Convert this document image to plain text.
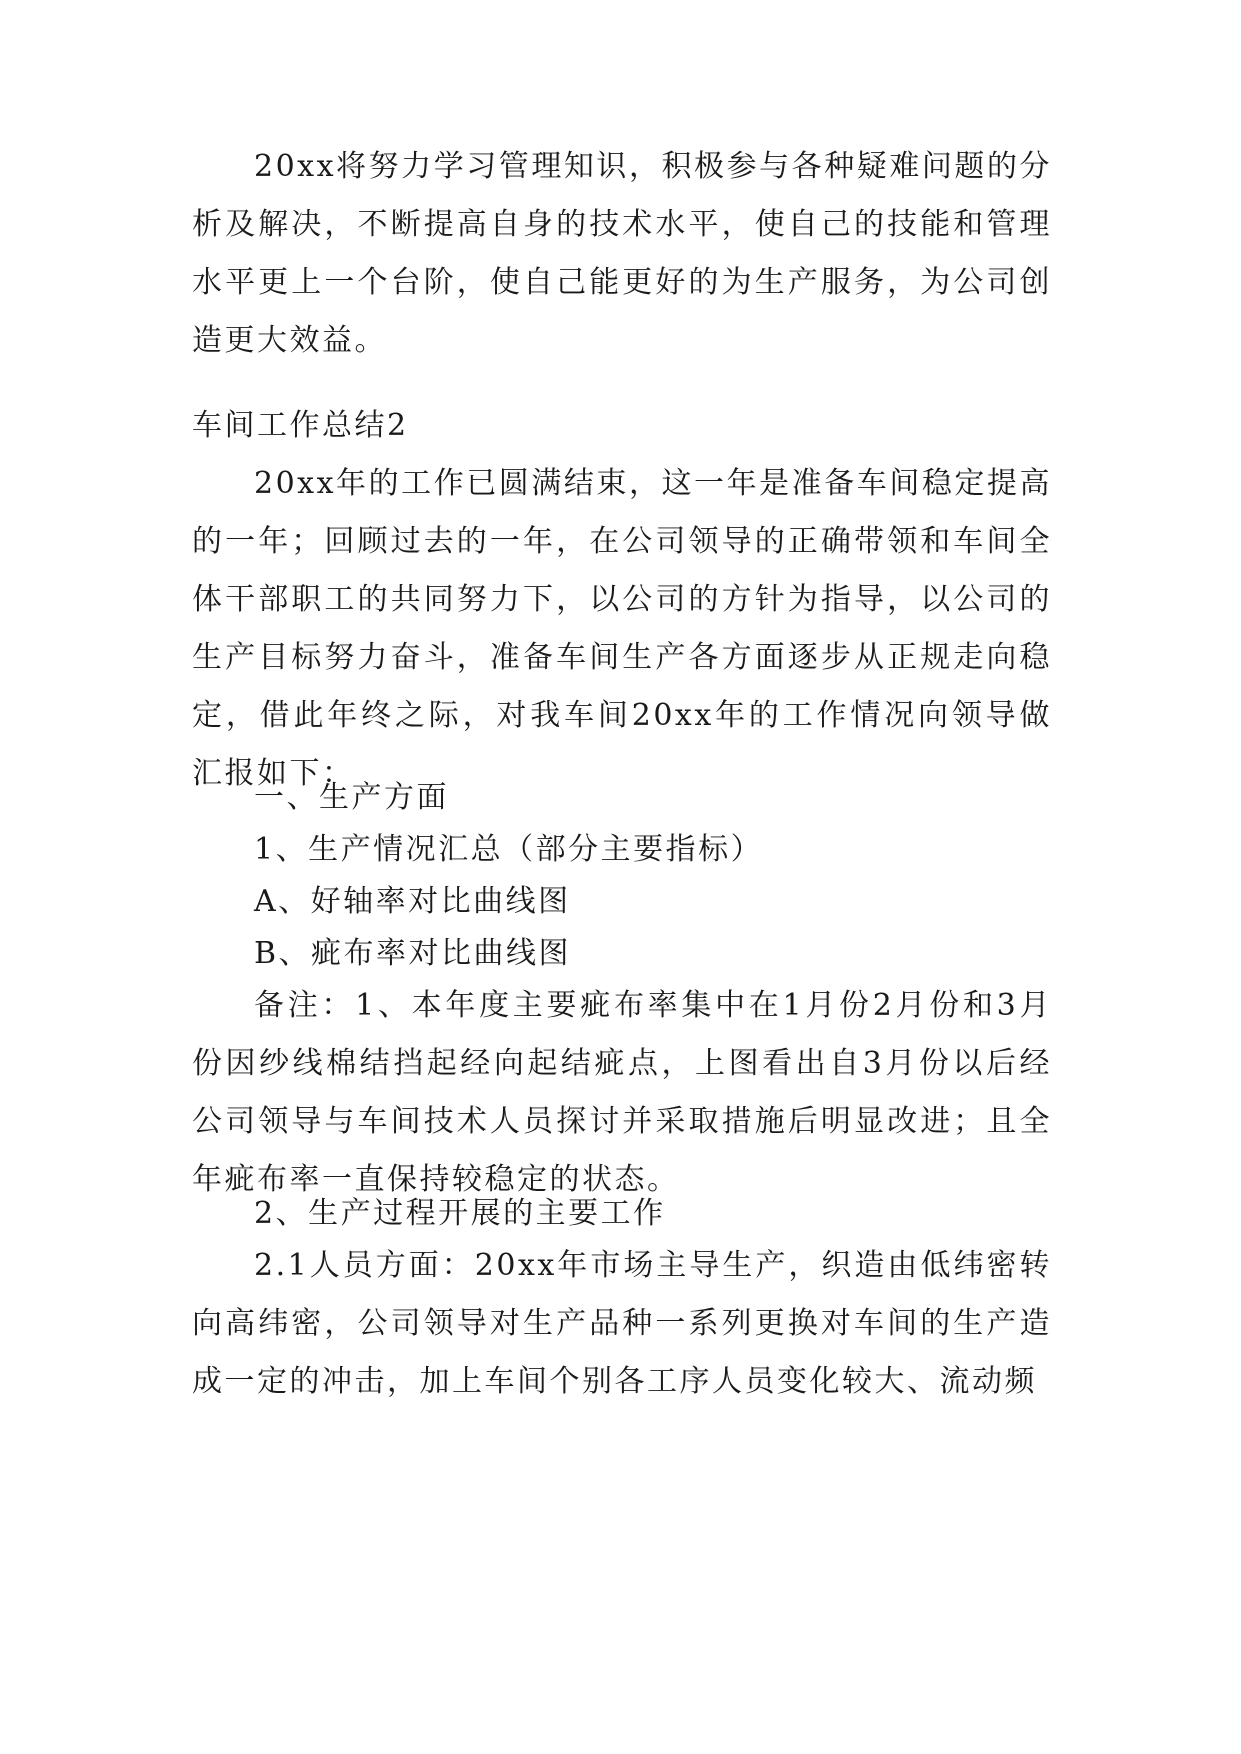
20xx将努力学习管理知识，积极参与各种疑难问题的分析及解决，不断提高自身的技术水平，使自己的技能和管理水平更上一个台阶，使自己能更好的为生产服务，为公司创造更大效益。

车间工作总结2

20xx年的工作已圆满结束，这一年是准备车间稳定提高的一年；回顾过去的一年，在公司领导的正确带领和车间全体干部职工的共同努力下，以公司的方针为指导，以公司的生产目标努力奋斗，准备车间生产各方面逐步从正规走向稳定，借此年终之际，对我车间20xx年的工作情况向领导做汇报如下：

一、生产方面

1、生产情况汇总（部分主要指标）

A、好轴率对比曲线图

B、疵布率对比曲线图

备注：1、本年度主要疵布率集中在1月份2月份和3月份因纱线棉结挡起经向起结疵点，上图看出自3月份以后经公司领导与车间技术人员探讨并采取措施后明显改进；且全年疵布率一直保持较稳定的状态。

2、生产过程开展的主要工作

2.1人员方面：20xx年市场主导生产，织造由低纬密转向高纬密，公司领导对生产品种一系列更换对车间的生产造成一定的冲击，加上车间个别各工序人员变化较大、流动频
